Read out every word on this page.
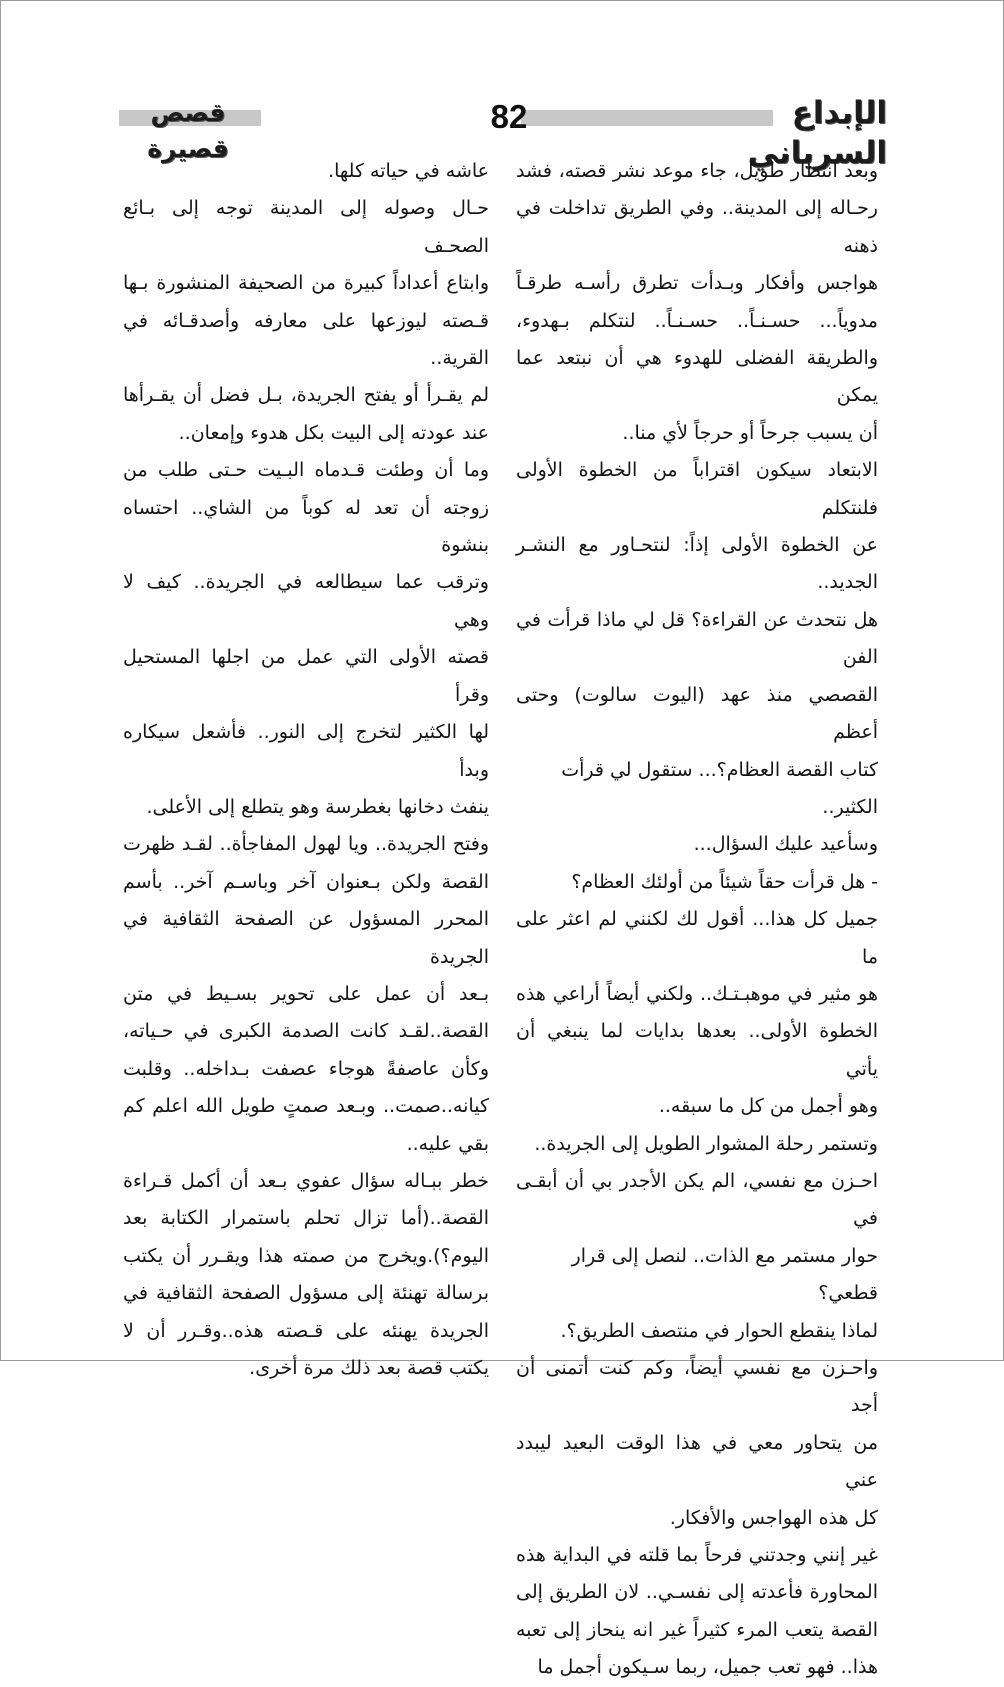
الإبداع السرياني
82
قصص قصيرة

وبعد انتظار طويل، جاء موعد نشر قصته، فشد

رحـاله إلى المدينة.. وفي الطريق تداخلت في ذهنه

هواجس وأفكار وبـدأت تطرق رأسـه طرقـاً

مدوياً... حسـنـاً.. حسـنـاً.. لنتكلم بـهدوء،

والطريقة الفضلى للهدوء هي أن نبتعد عما يمكن

أن يسبب جرحاً أو حرجاً لأي منا..

الابتعاد سيكون اقتراباً من الخطوة الأولى فلنتكلم

عن الخطوة الأولى إذاً: لنتحـاور مع النشـر

الجديد..

هل نتحدث عن القراءة؟ قل لي ماذا قرأت في الفن

القصصي منذ عهد (اليوت سالوت) وحتى أعظم

كتاب القصة العظام؟... ستقول لي قرأت الكثير..

وسأعيد عليك السؤال...

- هل قرأت حقاً شيئاً من أولئك العظام؟

جميل كل هذا... أقول لك لكنني لم اعثر على ما

هو مثير في موهبـتـك.. ولكني أيضاً أراعي هذه

الخطوة الأولى.. بعدها بدايات لما ينبغي أن يأتي

وهو أجمل من كل ما سبقه..

وتستمر رحلة المشوار الطويل إلى الجريدة..

احـزن مع نفسي، الم يكن الأجدر بي أن أبقـى في

حوار مستمر مع الذات.. لنصل إلى قرار قطعي؟

لماذا ينقطع الحوار في منتصف الطريق؟.

واحـزن مع نفسي أيضاً، وكم كنت أتمنى أن أجد

من يتحاور معي في هذا الوقت البعيد ليبدد عني

كل هذه الهواجس والأفكار.

غير إنني وجدتني فرحاً بما قلته في البداية هذه

المحاورة فأعدته إلى نفسـي.. لان الطريق إلى

القصة يتعب المرء كثيراً غير انه ينحاز إلى تعبه

هذا.. فهو تعب جميل، ربما سـيكون أجمل ما

عاشه في حياته كلها.

حـال وصوله إلى المدينة توجه إلى بـائع الصحـف

وابتاع أعداداً كبيرة من الصحيفة المنشورة بـها

قـصته ليوزعها على معارفه وأصدقـائه في

القرية..

لم يقـرأ أو يفتح الجريدة، بـل فضل أن يقـرأها

عند عودته إلى البيت بكل هدوء وإمعان..

وما أن وطئت قـدماه البـيت حـتى طلب من

زوجته أن تعد له كوباً من الشاي.. احتساه بنشوة

وترقب عما سيطالعه في الجريدة.. كيف لا وهي

قصته الأولى التي عمل من اجلها المستحيل وقرأ

لها الكثير لتخرج إلى النور.. فأشعل سيكاره وبدأ

ينفث دخانها بغطرسة وهو يتطلع إلى الأعلى.

وفتح الجريدة.. ويا لهول المفاجأة.. لقـد ظهرت

القصة ولكن بـعنوان آخر وباسـم آخر.. بأسم

المحرر المسؤول عن الصفحة الثقافية في الجريدة

بـعد أن عمل على تحوير بسـيط في متن

القصة..لقـد كانت الصدمة الكبرى في حـياته،

وكأن عاصفةً هوجاء عصفت بـداخله.. وقلبت

كيانه..صمت.. وبـعد صمتٍ طويل الله اعلم كم

بقي عليه..

خطر ببـاله سؤال عفوي بـعد أن أكمل قـراءة

القصة..(أما تزال تحلم باستمرار الكتابة بعد

اليوم؟).ويخرج من صمته هذا ويقـرر أن يكتب

برسالة تهنئة إلى مسؤول الصفحة الثقافية في

الجريدة يهنئه على قـصته هذه..وقـرر أن لا

يكتب قصة بعد ذلك مرة أخرى.
